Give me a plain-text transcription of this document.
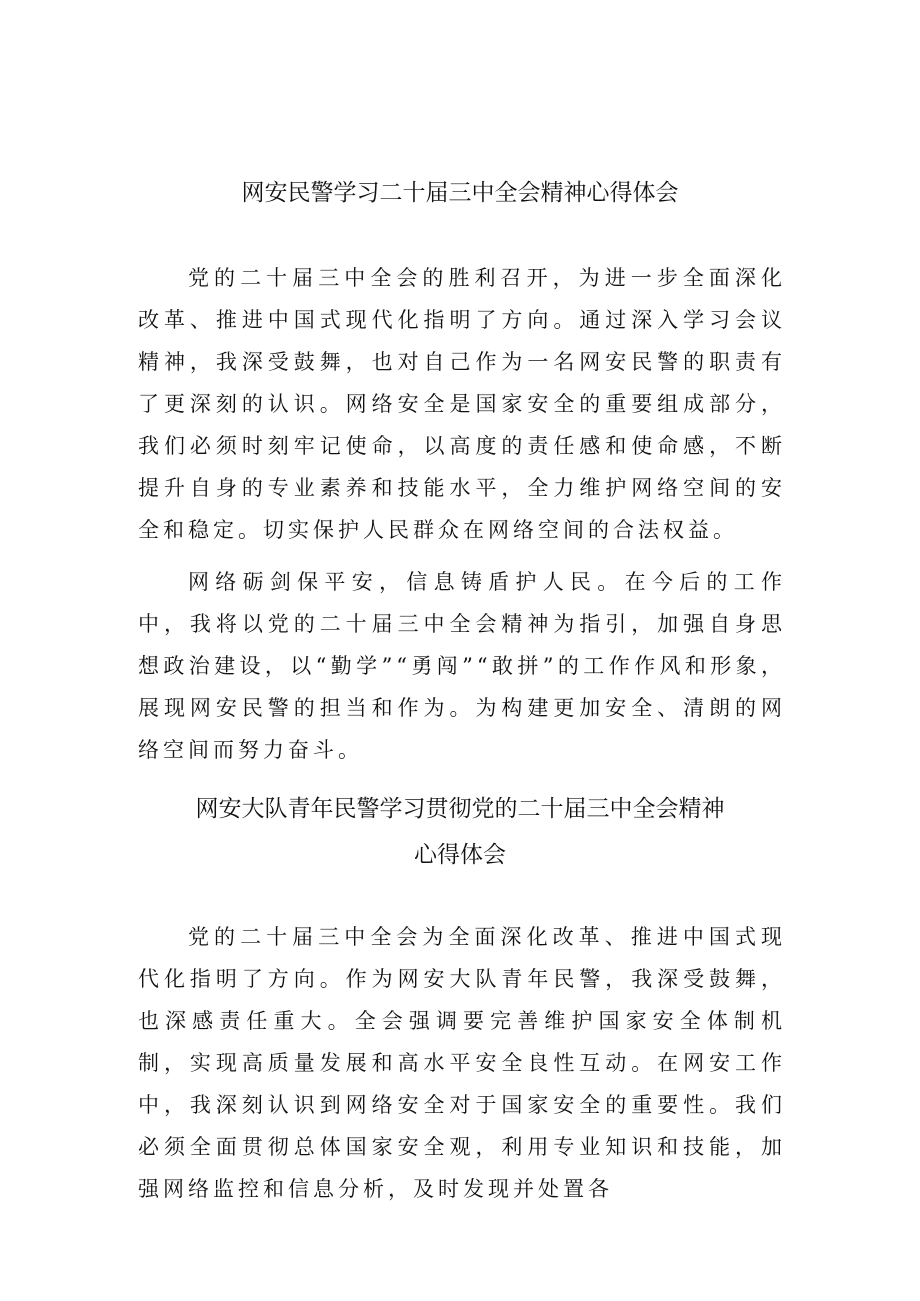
网安民警学习二十届三中全会精神心得体会

党的二十届三中全会的胜利召开，为进一步全面深化改革、推进中国式现代化指明了方向。通过深入学习会议精神，我深受鼓舞，也对自己作为一名网安民警的职责有了更深刻的认识。网络安全是国家安全的重要组成部分，我们必须时刻牢记使命，以高度的责任感和使命感，不断提升自身的专业素养和技能水平，全力维护网络空间的安全和稳定。切实保护人民群众在网络空间的合法权益。

网络砺剑保平安，信息铸盾护人民。在今后的工作中，我将以党的二十届三中全会精神为指引，加强自身思想政治建设，以“勤学”“勇闯”“敢拼”的工作作风和形象，展现网安民警的担当和作为。为构建更加安全、清朗的网络空间而努力奋斗。

网安大队青年民警学习贯彻党的二十届三中全会精神
心得体会

党的二十届三中全会为全面深化改革、推进中国式现代化指明了方向。作为网安大队青年民警，我深受鼓舞，也深感责任重大。全会强调要完善维护国家安全体制机制，实现高质量发展和高水平安全良性互动。在网安工作中，我深刻认识到网络安全对于国家安全的重要性。我们必须全面贯彻总体国家安全观，利用专业知识和技能，加强网络监控和信息分析，及时发现并处置各
